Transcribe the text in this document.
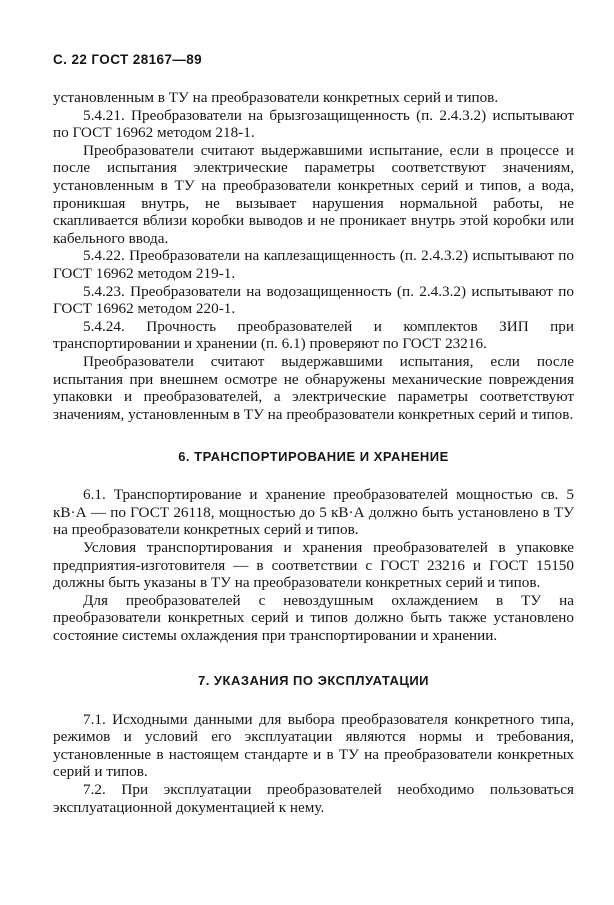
С. 22 ГОСТ 28167—89

установленным в ТУ на преобразователи конкретных серий и типов.

5.4.21. Преобразователи на брызгозащищенность (п. 2.4.3.2) испытывают по ГОСТ 16962 методом 218-1.

Преобразователи считают выдержавшими испытание, если в процессе и после испытания электрические параметры соответствуют значениям, установленным в ТУ на преобразователи конкретных серий и типов, а вода, проникшая внутрь, не вызывает нарушения нормальной работы, не скапливается вблизи коробки выводов и не проникает внутрь этой коробки или кабельного ввода.

5.4.22. Преобразователи на каплезащищенность (п. 2.4.3.2) испытывают по ГОСТ 16962 методом 219-1.

5.4.23. Преобразователи на водозащищенность (п. 2.4.3.2) испытывают по ГОСТ 16962 методом 220-1.

5.4.24. Прочность преобразователей и комплектов ЗИП при транспортировании и хранении (п. 6.1) проверяют по ГОСТ 23216.

Преобразователи считают выдержавшими испытания, если после испытания при внешнем осмотре не обнаружены механические повреждения упаковки и преобразователей, а электрические параметры соответствуют значениям, установленным в ТУ на преобразователи конкретных серий и типов.

6. ТРАНСПОРТИРОВАНИЕ И ХРАНЕНИЕ

6.1. Транспортирование и хранение преобразователей мощностью св. 5 кВ·А — по ГОСТ 26118, мощностью до 5 кВ·А должно быть установлено в ТУ на преобразователи конкретных серий и типов.

Условия транспортирования и хранения преобразователей в упаковке предприятия-изготовителя — в соответствии с ГОСТ 23216 и ГОСТ 15150 должны быть указаны в ТУ на преобразователи конкретных серий и типов.

Для преобразователей с невоздушным охлаждением в ТУ на преобразователи конкретных серий и типов должно быть также установлено состояние системы охлаждения при транспортировании и хранении.

7. УКАЗАНИЯ ПО ЭКСПЛУАТАЦИИ

7.1. Исходными данными для выбора преобразователя конкретного типа, режимов и условий его эксплуатации являются нормы и требования, установленные в настоящем стандарте и в ТУ на преобразователи конкретных серий и типов.

7.2. При эксплуатации преобразователей необходимо пользоваться эксплуатационной документацией к нему.
